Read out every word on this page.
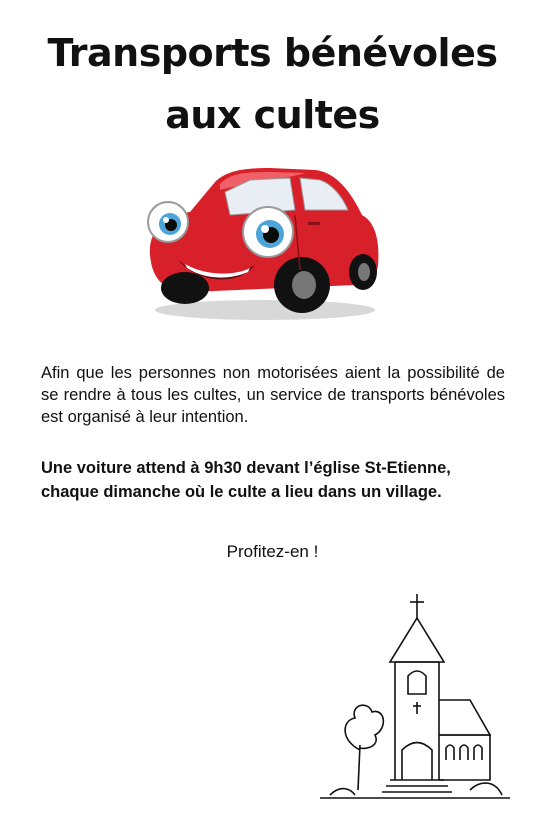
Transports bénévoles
aux cultes
Afin que les personnes non motorisées aient la possibilité de se rendre à tous les cultes, un service de transports bénévoles est organisé à leur intention.
Une voiture attend à 9h30 devant l’église St-Etienne, chaque dimanche où le culte a lieu dans un village.
Profitez-en !
